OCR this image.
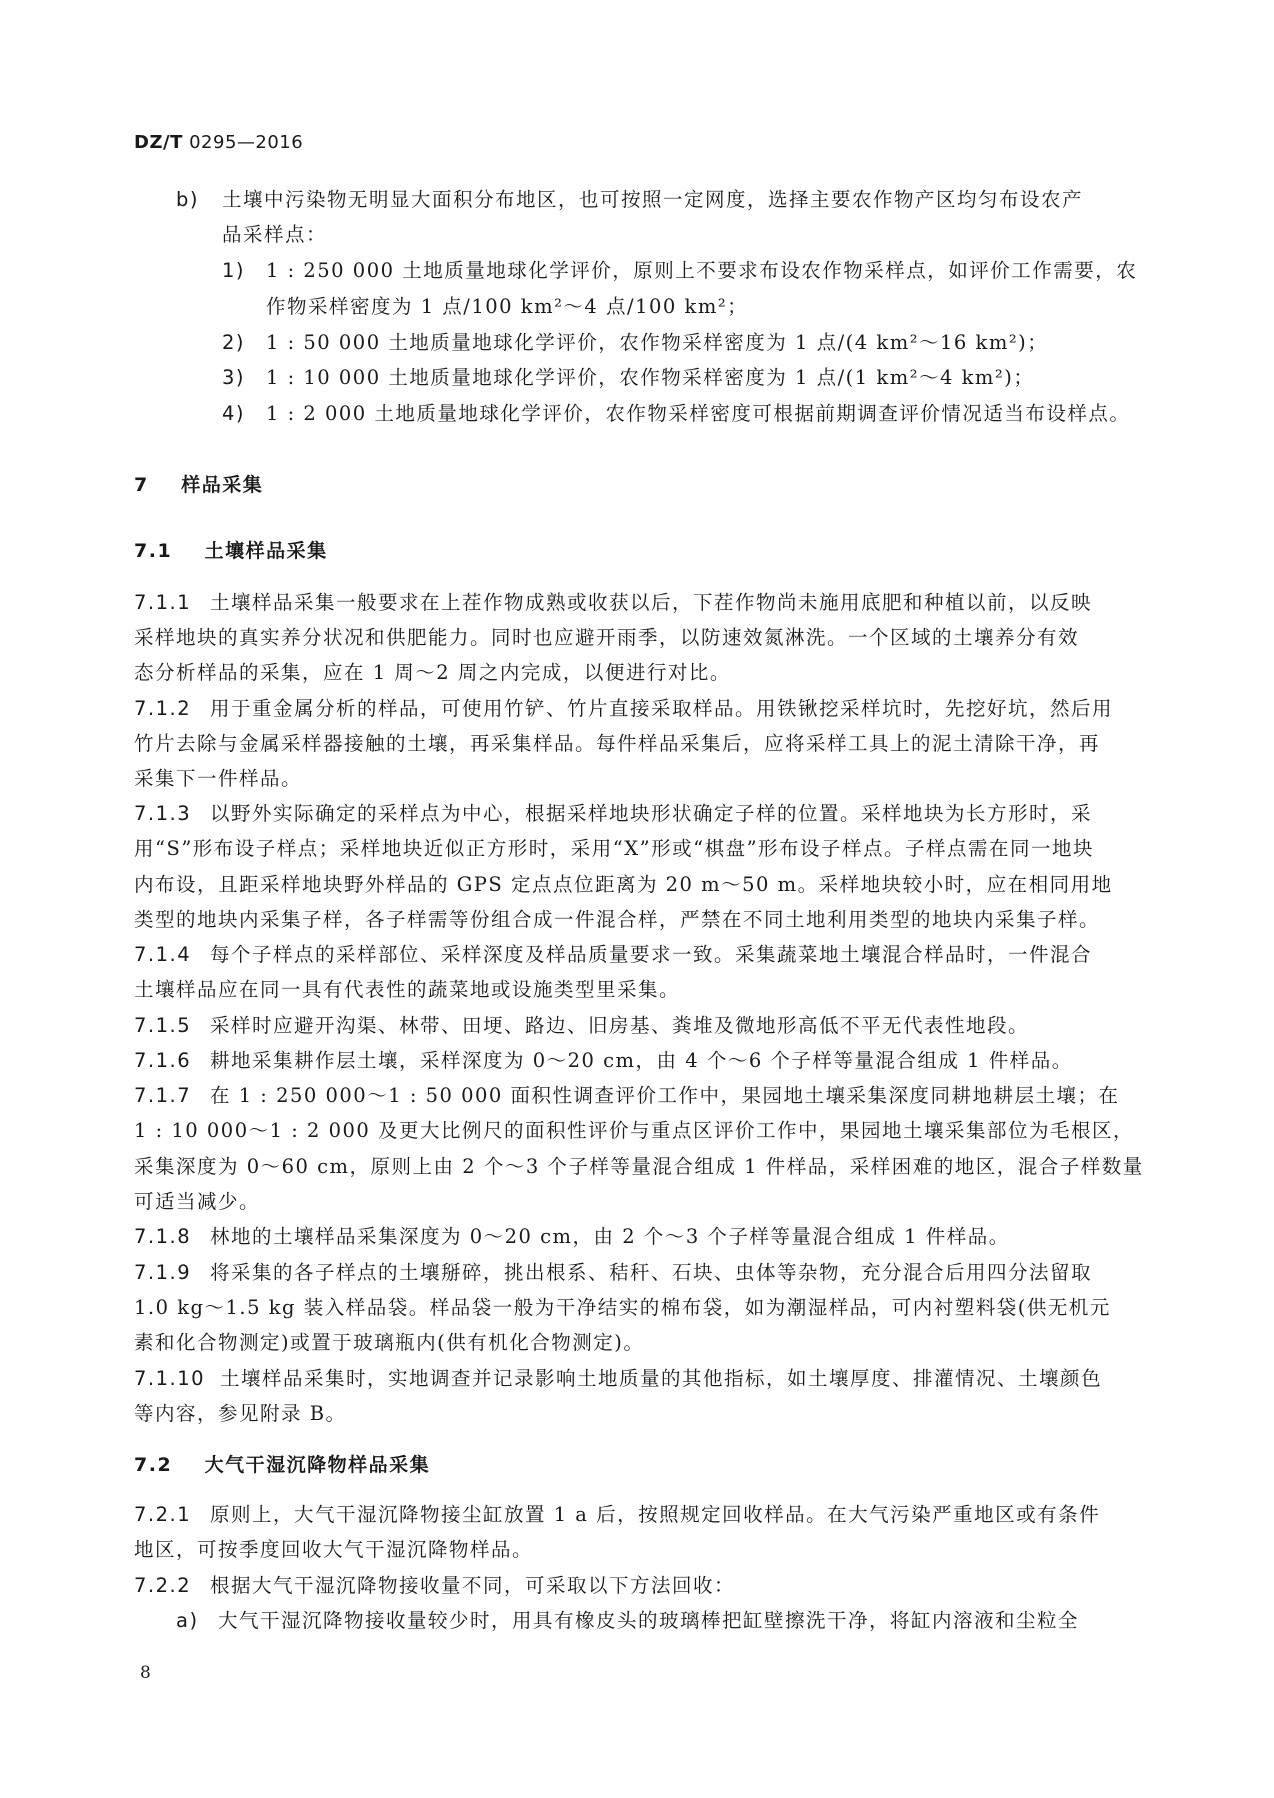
DZ/T 0295—2016
b) 土壤中污染物无明显大面积分布地区，也可按照一定网度，选择主要农作物产区均匀布设农产
品采样点：
1) 1 : 250 000 土地质量地球化学评价，原则上不要求布设农作物采样点，如评价工作需要，农
作物采样密度为 1 点/100 km²～4 点/100 km²；
2) 1 : 50 000 土地质量地球化学评价，农作物采样密度为 1 点/(4 km²～16 km²)；
3) 1 : 10 000 土地质量地球化学评价，农作物采样密度为 1 点/(1 km²～4 km²)；
4) 1 : 2 000 土地质量地球化学评价，农作物采样密度可根据前期调查评价情况适当布设样点。
7 样品采集
7.1 土壤样品采集
7.1.1 土壤样品采集一般要求在上茬作物成熟或收获以后，下茬作物尚未施用底肥和种植以前，以反映
采样地块的真实养分状况和供肥能力。同时也应避开雨季，以防速效氮淋洗。一个区域的土壤养分有效
态分析样品的采集，应在 1 周～2 周之内完成，以便进行对比。
7.1.2 用于重金属分析的样品，可使用竹铲、竹片直接采取样品。用铁锹挖采样坑时，先挖好坑，然后用
竹片去除与金属采样器接触的土壤，再采集样品。每件样品采集后，应将采样工具上的泥土清除干净，再
采集下一件样品。
7.1.3 以野外实际确定的采样点为中心，根据采样地块形状确定子样的位置。采样地块为长方形时，采
用“S”形布设子样点；采样地块近似正方形时，采用“X”形或“棋盘”形布设子样点。子样点需在同一地块
内布设，且距采样地块野外样品的 GPS 定点点位距离为 20 m～50 m。采样地块较小时，应在相同用地
类型的地块内采集子样，各子样需等份组合成一件混合样，严禁在不同土地利用类型的地块内采集子样。
7.1.4 每个子样点的采样部位、采样深度及样品质量要求一致。采集蔬菜地土壤混合样品时，一件混合
土壤样品应在同一具有代表性的蔬菜地或设施类型里采集。
7.1.5 采样时应避开沟渠、林带、田埂、路边、旧房基、粪堆及微地形高低不平无代表性地段。
7.1.6 耕地采集耕作层土壤，采样深度为 0～20 cm，由 4 个～6 个子样等量混合组成 1 件样品。
7.1.7 在 1 : 250 000～1 : 50 000 面积性调查评价工作中，果园地土壤采集深度同耕地耕层土壤；在
1 : 10 000～1 : 2 000 及更大比例尺的面积性评价与重点区评价工作中，果园地土壤采集部位为毛根区，
采集深度为 0～60 cm，原则上由 2 个～3 个子样等量混合组成 1 件样品，采样困难的地区，混合子样数量
可适当减少。
7.1.8 林地的土壤样品采集深度为 0～20 cm，由 2 个～3 个子样等量混合组成 1 件样品。
7.1.9 将采集的各子样点的土壤掰碎，挑出根系、秸秆、石块、虫体等杂物，充分混合后用四分法留取
1.0 kg～1.5 kg 装入样品袋。样品袋一般为干净结实的棉布袋，如为潮湿样品，可内衬塑料袋(供无机元
素和化合物测定)或置于玻璃瓶内(供有机化合物测定)。
7.1.10 土壤样品采集时，实地调查并记录影响土地质量的其他指标，如土壤厚度、排灌情况、土壤颜色
等内容，参见附录 B。
7.2 大气干湿沉降物样品采集
7.2.1 原则上，大气干湿沉降物接尘缸放置 1 a 后，按照规定回收样品。在大气污染严重地区或有条件
地区，可按季度回收大气干湿沉降物样品。
7.2.2 根据大气干湿沉降物接收量不同，可采取以下方法回收：
a) 大气干湿沉降物接收量较少时，用具有橡皮头的玻璃棒把缸壁擦洗干净，将缸内溶液和尘粒全
8
